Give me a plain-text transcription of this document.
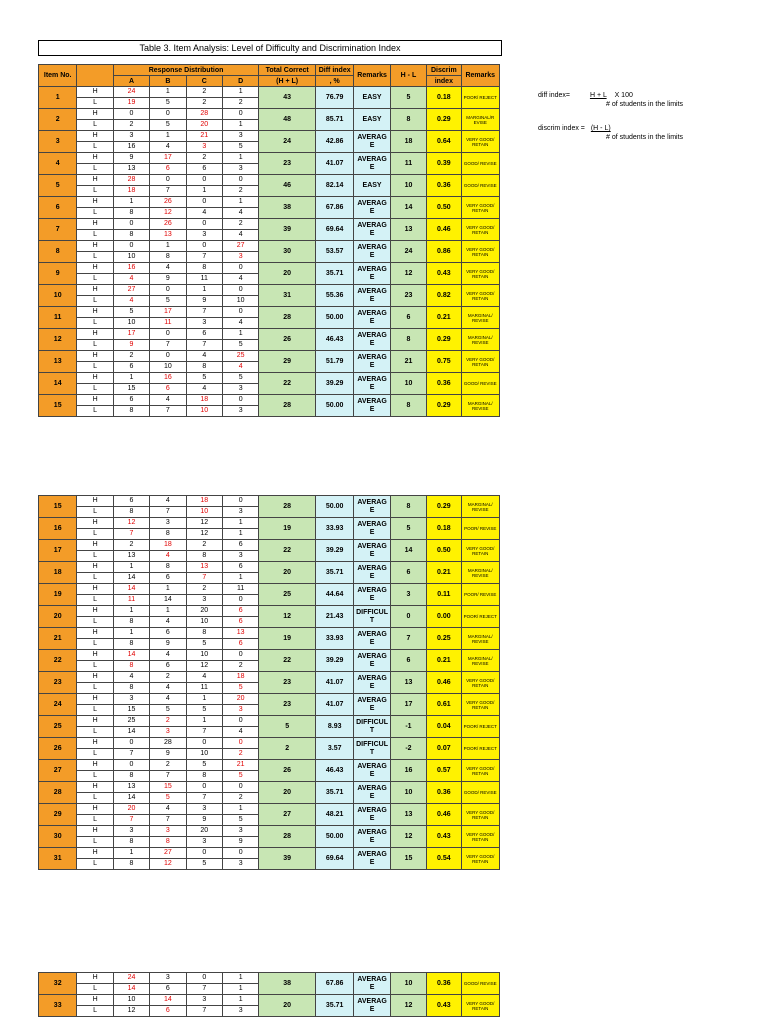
Table 3. Item Analysis: Level of Difficulty and Discrimination Index
diff index=	H + L X 100
# of students in the limits
discrim index = (H - L)
# of students in the limits
Item No.		Response Distribution				Total Correct	Diff index	Remarks	H - L	Discrim	Remarks
		A	B	C	D	(H + L)	, %			index	
1	H	24	1	2	1	43	76.79	EASY	5	0.18	POOR/ REJECT
	L	19	5	2	2						
2	H	0	0	28	0	48	85.71	EASY	8	0.29	MARGINAL/R EVISE
	L	2	5	20	1						
3	H	3	1	21	3	24	42.86	AVERAG E	18	0.64	VERY GOOD/ RETAIN
	L	16	4	3	5						
4	H	9	17	2	1	23	41.07	AVERAG E	11	0.39	GOOD/ REVISE
	L	13	6	6	3						
5	H	28	0	0	0	46	82.14	EASY	10	0.36	GOOD/ REVISE
	L	18	7	1	2						
6	H	1	26	0	1	38	67.86	AVERAG E	14	0.50	VERY GOOD/ RETAIN
	L	8	12	4	4						
7	H	0	26	0	2	39	69.64	AVERAG E	13	0.46	VERY GOOD/ RETAIN
	L	8	13	3	4						
8	H	0	1	0	27	30	53.57	AVERAG E	24	0.86	VERY GOOD/ RETAIN
	L	10	8	7	3						
9	H	16	4	8	0	20	35.71	AVERAG E	12	0.43	VERY GOOD/ RETAIN
	L	4	9	11	4						
10	H	27	0	1	0	31	55.36	AVERAG E	23	0.82	VERY GOOD/ RETAIN
	L	4	5	9	10						
11	H	5	17	7	0	28	50.00	AVERAG E	6	0.21	MARGINAL/ REVISE
	L	10	11	3	4						
12	H	17	0	6	1	26	46.43	AVERAG E	8	0.29	MARGINAL/ REVISE
	L	9	7	7	5						
13	H	2	0	4	25	29	51.79	AVERAG E	21	0.75	VERY GOOD/ RETAIN
	L	6	10	8	4						
14	H	1	16	5	5	22	39.29	AVERAG E	10	0.36	GOOD/ REVISE
	L	15	6	4	3						
15	H	6	4	18	0	28	50.00	AVERAG E	8	0.29	MARGINAL/ REVISE
	L	8	7	10	3						
15	H	6	4	18	0	28	50.00	AVERAG E	8	0.29	MARGINAL/ REVISE
	L	8	7	10	3						
16	H	12	3	12	1	19	33.93	AVERAG E	5	0.18	POOR/ REVISE
	L	7	8	12	1						
17	H	2	18	2	6	22	39.29	AVERAG E	14	0.50	VERY GOOD/ RETAIN
	L	13	4	8	3						
18	H	1	8	13	6	20	35.71	AVERAG E	6	0.21	MARGINAL/ REVISE
	L	14	6	7	1						
19	H	14	1	2	11	25	44.64	AVERAG E	3	0.11	POOR/ REVISE
	L	11	14	3	0						
20	H	1	1	20	6	12	21.43	DIFFICUL T	0	0.00	POOR/ REJECT
	L	8	4	10	6						
21	H	1	6	8	13	19	33.93	AVERAG E	7	0.25	MARGINAL/ REVISE
	L	8	9	5	6						
22	H	14	4	10	0	22	39.29	AVERAG E	6	0.21	MARGINAL/ REVISE
	L	8	6	12	2						
23	H	4	2	4	18	23	41.07	AVERAG E	13	0.46	VERY GOOD/ RETAIN
	L	8	4	11	5						
24	H	3	4	1	20	23	41.07	AVERAG E	17	0.61	VERY GOOD/ RETAIN
	L	15	5	5	3						
25	H	25	2	1	0	5	8.93	DIFFICUL T	-1	0.04	POOR/ REJECT
	L	14	3	7	4						
26	H	0	28	0	0	2	3.57	DIFFICUL T	-2	0.07	POOR/ REJECT
	L	7	9	10	2						
27	H	0	2	5	21	26	46.43	AVERAG E	16	0.57	VERY GOOD/ RETAIN
	L	8	7	8	5						
28	H	13	15	0	0	20	35.71	AVERAG E	10	0.36	GOOD/ REVISE
	L	14	5	7	2						
29	H	20	4	3	1	27	48.21	AVERAG E	13	0.46	VERY GOOD/ RETAIN
	L	7	7	9	5						
30	H	3	3	20	3	28	50.00	AVERAG E	12	0.43	VERY GOOD/ RETAIN
	L	8	8	3	9						
31	H	1	27	0	0	39	69.64	AVERAG E	15	0.54	VERY GOOD/ RETAIN
	L	8	12	5	3						
32	H	24	3	0	1	38	67.86	AVERAG E	10	0.36	GOOD/ REVISE
	L	14	6	7	1						
33	H	10	14	3	1	20	35.71	AVERAG E	12	0.43	VERY GOOD/ RETAIN
	L	12	6	7	3						
